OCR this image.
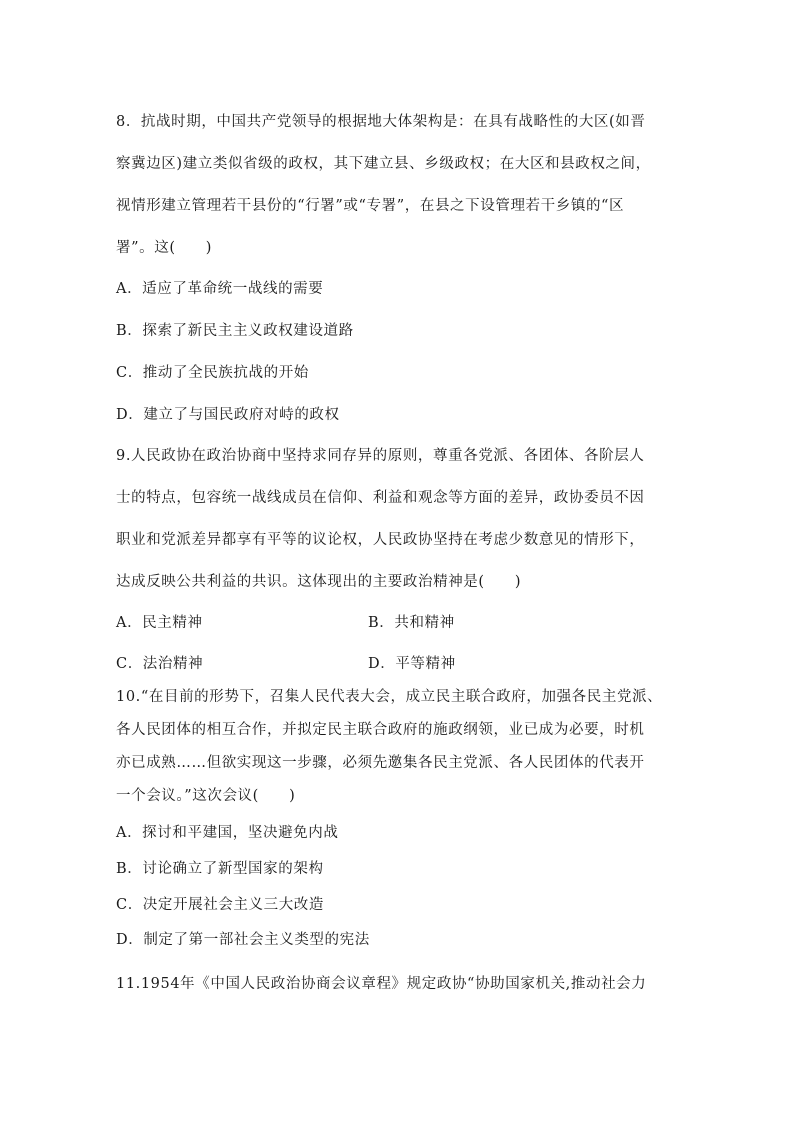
8．抗战时期，中国共产党领导的根据地大体架构是：在具有战略性的大区(如晋
察冀边区)建立类似省级的政权，其下建立县、乡级政权；在大区和县政权之间，
视情形建立管理若干县份的“行署”或“专署”，在县之下设管理若干乡镇的“区
署”。这(　　)
A．适应了革命统一战线的需要
B．探索了新民主主义政权建设道路
C．推动了全民族抗战的开始
D．建立了与国民政府对峙的政权
9.人民政协在政治协商中坚持求同存异的原则，尊重各党派、各团体、各阶层人
士的特点，包容统一战线成员在信仰、利益和观念等方面的差异，政协委员不因
职业和党派差异都享有平等的议论权，人民政协坚持在考虑少数意见的情形下，
达成反映公共利益的共识。这体现出的主要政治精神是(　　)
A．民主精神	B．共和精神
C．法治精神	D．平等精神
10.“在目前的形势下，召集人民代表大会，成立民主联合政府，加强各民主党派、
各人民团体的相互合作，并拟定民主联合政府的施政纲领，业已成为必要，时机
亦已成熟……但欲实现这一步骤，必须先邀集各民主党派、各人民团体的代表开
一个会议。”这次会议(　　)
A．探讨和平建国，坚决避免内战
B．讨论确立了新型国家的架构
C．决定开展社会主义三大改造
D．制定了第一部社会主义类型的宪法
11.1954年《中国人民政治协商会议章程》规定政协“协助国家机关,推动社会力
